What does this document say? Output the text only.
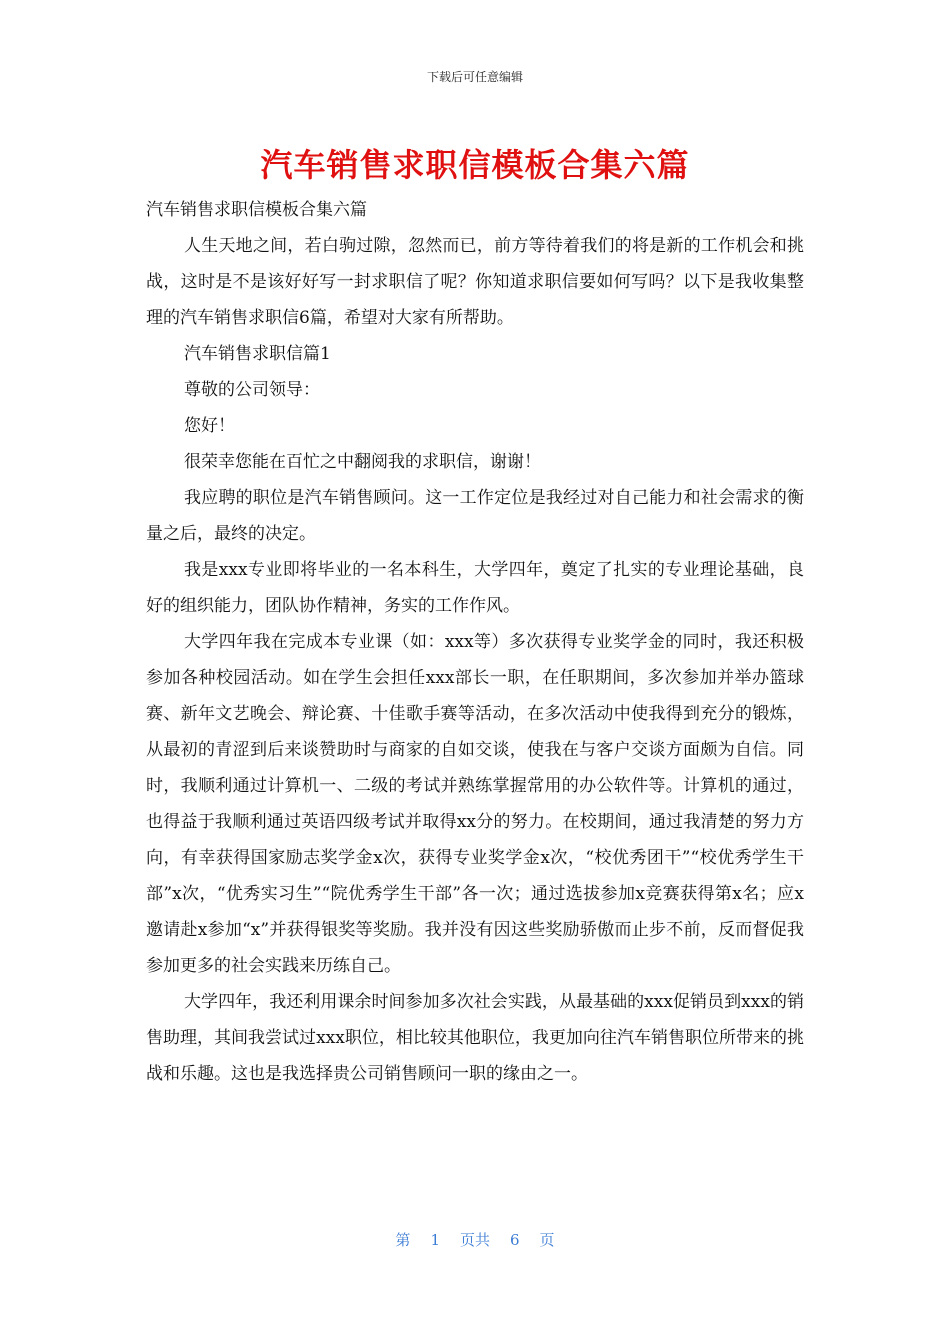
下载后可任意编辑
汽车销售求职信模板合集六篇

汽车销售求职信模板合集六篇

人生天地之间，若白驹过隙，忽然而已，前方等待着我们的将是新的工作机会和挑战，这时是不是该好好写一封求职信了呢？你知道求职信要如何写吗？以下是我收集整理的汽车销售求职信6篇，希望对大家有所帮助。

汽车销售求职信篇1

尊敬的公司领导：

您好！

很荣幸您能在百忙之中翻阅我的求职信，谢谢！

我应聘的职位是汽车销售顾问。这一工作定位是我经过对自己能力和社会需求的衡量之后，最终的决定。

我是xxx专业即将毕业的一名本科生，大学四年，奠定了扎实的专业理论基础，良好的组织能力，团队协作精神，务实的工作作风。

大学四年我在完成本专业课（如：xxx等）多次获得专业奖学金的同时，我还积极参加各种校园活动。如在学生会担任xxx部长一职，在任职期间，多次参加并举办篮球赛、新年文艺晚会、辩论赛、十佳歌手赛等活动，在多次活动中使我得到充分的锻炼，从最初的青涩到后来谈赞助时与商家的自如交谈，使我在与客户交谈方面颇为自信。同时，我顺利通过计算机一、二级的考试并熟练掌握常用的办公软件等。计算机的通过，也得益于我顺利通过英语四级考试并取得xx分的努力。在校期间，通过我清楚的努力方向，有幸获得国家励志奖学金x次，获得专业奖学金x次，“校优秀团干”“校优秀学生干部”x次，“优秀实习生”“院优秀学生干部”各一次；通过选拔参加x竞赛获得第x名；应x邀请赴x参加“x”并获得银奖等奖励。我并没有因这些奖励骄傲而止步不前，反而督促我参加更多的社会实践来历练自己。

大学四年，我还利用课余时间参加多次社会实践，从最基础的xxx促销员到xxx的销售助理，其间我尝试过xxx职位，相比较其他职位，我更加向往汽车销售职位所带来的挑战和乐趣。这也是我选择贵公司销售顾问一职的缘由之一。

第 1 页共 6 页
